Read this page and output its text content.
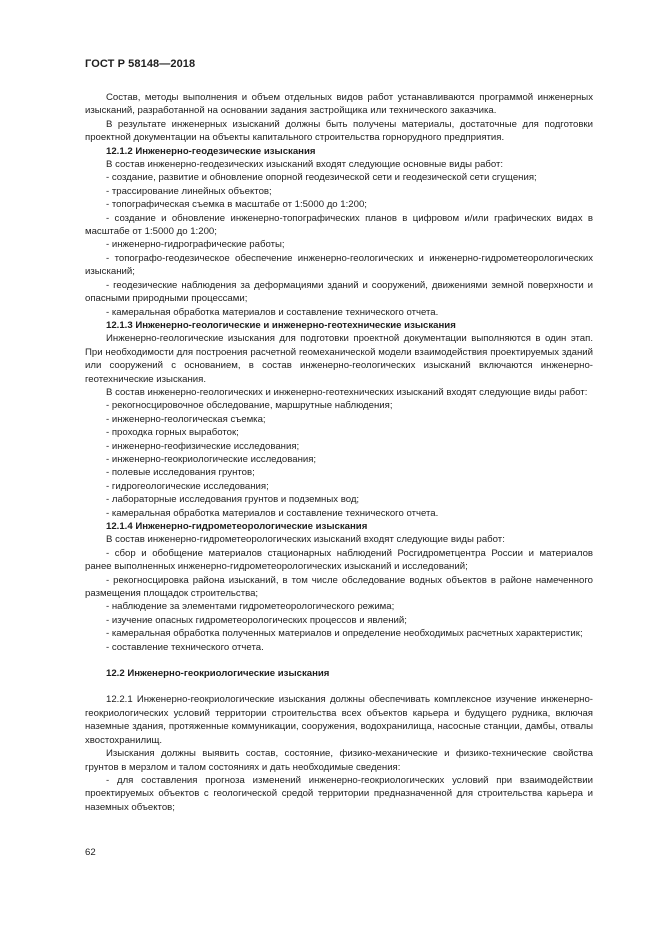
ГОСТ Р 58148—2018

Состав, методы выполнения и объем отдельных видов работ устанавливаются программой инженерных изысканий, разработанной на основании задания застройщика или технического заказчика.

В результате инженерных изысканий должны быть получены материалы, достаточные для подготовки проектной документации на объекты капитального строительства горнорудного предприятия.

12.1.2 Инженерно-геодезические изыскания

В состав инженерно-геодезических изысканий входят следующие основные виды работ:

- создание, развитие и обновление опорной геодезической сети и геодезической сети сгущения;

- трассирование линейных объектов;

- топографическая съемка в масштабе от 1:5000 до 1:200;

- создание и обновление инженерно-топографических планов в цифровом и/или графических видах в масштабе от 1:5000 до 1:200;

- инженерно-гидрографические работы;

- топографо-геодезическое обеспечение инженерно-геологических и инженерно-гидрометеорологических изысканий;

- геодезические наблюдения за деформациями зданий и сооружений, движениями земной поверхности и опасными природными процессами;

- камеральная обработка материалов и составление технического отчета.

12.1.3 Инженерно-геологические и инженерно-геотехнические изыскания

Инженерно-геологические изыскания для подготовки проектной документации выполняются в один этап. При необходимости для построения расчетной геомеханической модели взаимодействия проектируемых зданий или сооружений с основанием, в состав инженерно-геологических изысканий включаются инженерно-геотехнические изыскания.

В состав инженерно-геологических и инженерно-геотехнических изысканий входят следующие виды работ:

- рекогносцировочное обследование, маршрутные наблюдения;

- инженерно-геологическая съемка;

- проходка горных выработок;

- инженерно-геофизические исследования;

- инженерно-геокриологические исследования;

- полевые исследования грунтов;

- гидрогеологические исследования;

- лабораторные исследования грунтов и подземных вод;

- камеральная обработка материалов и составление технического отчета.

12.1.4 Инженерно-гидрометеорологические изыскания

В состав инженерно-гидрометеорологических изысканий входят следующие виды работ:

- сбор и обобщение материалов стационарных наблюдений Росгидрометцентра России и материалов ранее выполненных инженерно-гидрометеорологических изысканий и исследований;

- рекогносцировка района изысканий, в том числе обследование водных объектов в районе намеченного размещения площадок строительства;

- наблюдение за элементами гидрометеорологического режима;

- изучение опасных гидрометеорологических процессов и явлений;

- камеральная обработка полученных материалов и определение необходимых расчетных характеристик;

- составление технического отчета.

12.2 Инженерно-геокриологические изыскания

12.2.1 Инженерно-геокриологические изыскания должны обеспечивать комплексное изучение инженерно-геокриологических условий территории строительства всех объектов карьера и будущего рудника, включая наземные здания, протяженные коммуникации, сооружения, водохранилища, насосные станции, дамбы, отвалы хвостохранилищ.

Изыскания должны выявить состав, состояние, физико-механические и физико-технические свойства грунтов в мерзлом и талом состояниях и дать необходимые сведения:

- для составления прогноза изменений инженерно-геокриологических условий при взаимодействии проектируемых объектов с геологической средой территории предназначенной для строительства карьера и наземных объектов;

62
